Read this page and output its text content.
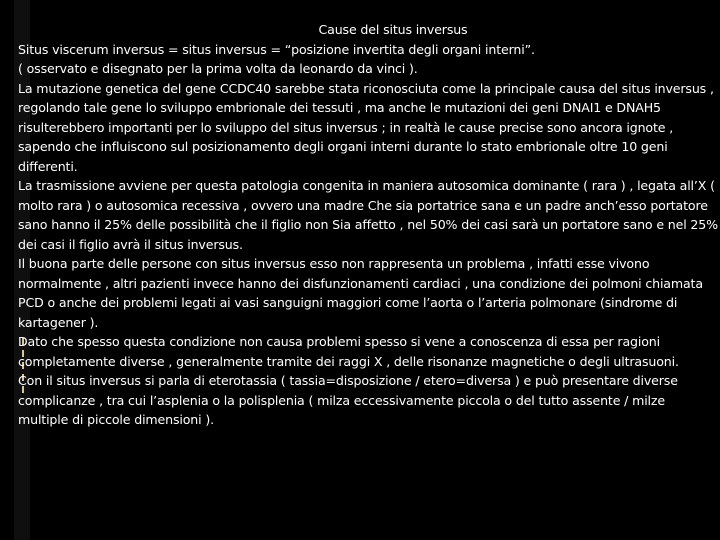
Cause del situs inversus

Situs viscerum inversus = situs inversus = “posizione invertita degli organi interni”.

( osservato e disegnato per la prima volta da leonardo da vinci ).

La mutazione genetica del gene CCDC40 sarebbe stata riconosciuta come la principale causa del situs inversus , regolando tale gene lo sviluppo embrionale dei tessuti , ma anche le mutazioni dei geni DNAI1 e DNAH5 risulterebbero importanti per lo sviluppo del situs inversus ; in realtà le cause precise sono ancora ignote , sapendo che influiscono sul posizionamento degli organi interni durante lo stato embrionale oltre 10 geni differenti.

La trasmissione avviene per questa patologia congenita in maniera autosomica dominante ( rara ) , legata all’X ( molto rara ) o autosomica recessiva , ovvero una madre Che sia portatrice sana e un padre anch’esso portatore sano hanno il 25% delle possibilità che il figlio non Sia affetto , nel 50% dei casi sarà un portatore sano e nel 25% dei casi il figlio avrà il situs inversus.

Il buona parte delle persone con situs inversus esso non rappresenta un problema , infatti esse vivono normalmente , altri pazienti invece hanno dei disfunzionamenti cardiaci , una condizione dei polmoni chiamata PCD o anche dei problemi legati ai vasi sanguigni maggiori come l’aorta o l’arteria polmonare (sindrome di kartagener ).

Dato che spesso questa condizione non causa problemi spesso si vene a conoscenza di essa per ragioni completamente diverse , generalmente tramite dei raggi X , delle risonanze magnetiche o degli ultrasuoni.

Con il situs inversus si parla di eterotassia ( tassia=disposizione / etero=diversa ) e può presentare diverse complicanze , tra cui l’asplenia o la polisplenia ( milza eccessivamente piccola o del tutto assente / milze multiple di piccole dimensioni ).
